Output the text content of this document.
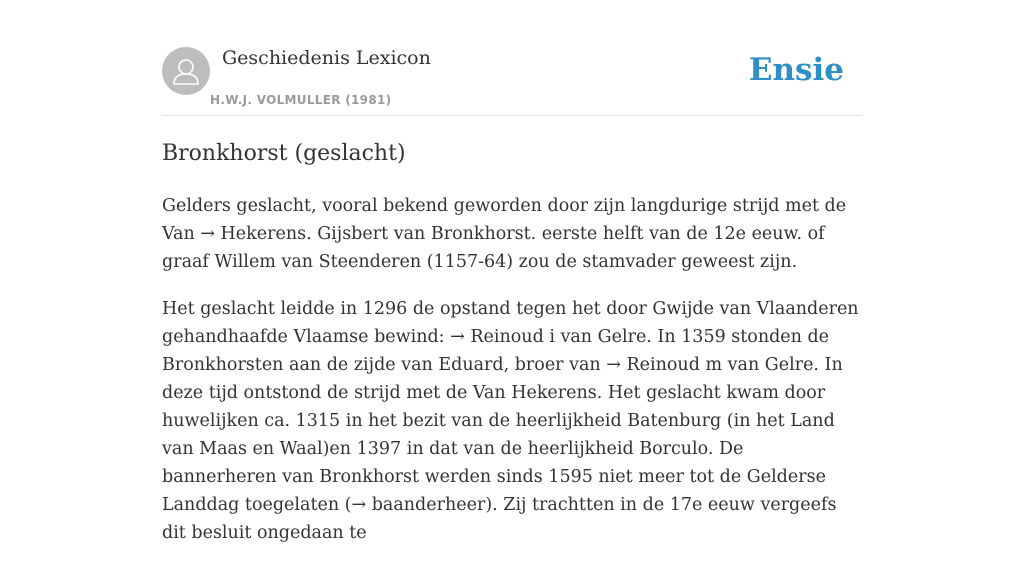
Geschiedenis Lexicon
H.W.J. VOLMULLER (1981)
Ensie
Bronkhorst (geslacht)

Gelders geslacht, vooral bekend geworden door zijn langdurige strijd met de Van → Hekerens. Gijsbert van Bronkhorst. eerste helft van de 12e eeuw. of graaf Willem van Steenderen (1157-64) zou de stamvader geweest zijn.

Het geslacht leidde in 1296 de opstand tegen het door Gwijde van Vlaanderen gehandhaafde Vlaamse bewind: → Reinoud i van Gelre. In 1359 stonden de Bronkhorsten aan de zijde van Eduard, broer van → Reinoud m van Gelre. In deze tijd ontstond de strijd met de Van Hekerens. Het geslacht kwam door huwelijken ca. 1315 in het bezit van de heerlijkheid Batenburg (in het Land van Maas en Waal)en 1397 in dat van de heerlijkheid Borculo. De bannerheren van Bronkhorst werden sinds 1595 niet meer tot de Gelderse Landdag toegelaten (→ baanderheer). Zij trachtten in de 17e eeuw vergeefs dit besluit ongedaan te
